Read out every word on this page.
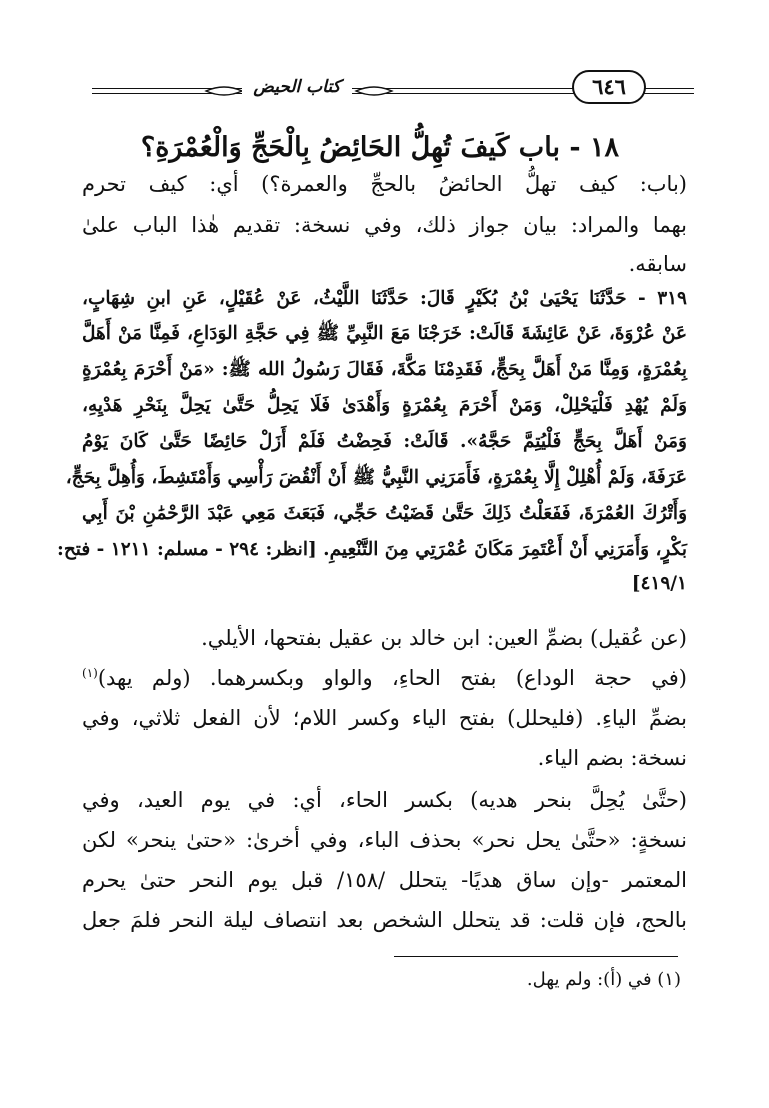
كتاب الحيض	٦٤٦
١٨ - باب كَيفَ تُهِلُّ الحَائِضُ بِالْحَجِّ وَالْعُمْرَةِ؟
(باب: كيف تهلُّ الحائضُ بالحجِّ والعمرة؟) أي: كيف تحرم
بهما والمراد: بيان جواز ذلك، وفي نسخة: تقديم هٰذا الباب علىٰ
سابقه.
٣١٩ - حَدَّثَنَا يَحْيَىٰ بْنُ بُكَيْرٍ قَالَ: حَدَّثَنَا اللَّيْثُ، عَنْ عُقَيْلٍ، عَنِ ابنِ شِهَابٍ،
عَنْ عُرْوَةَ، عَنْ عَائِشَةَ قَالَتْ: خَرَجْنَا مَعَ النَّبِيِّ ﷺ فِي حَجَّةِ الوَدَاعِ، فَمِنَّا مَنْ أَهَلَّ
بِعُمْرَةٍ، وَمِنَّا مَنْ أَهَلَّ بِحَجٍّ، فَقَدِمْنَا مَكَّةَ، فَقَالَ رَسُولُ الله ﷺ: «مَنْ أَحْرَمَ بِعُمْرَةٍ
وَلَمْ يُهْدِ فَلْيَحْلِلْ، وَمَنْ أَحْرَمَ بِعُمْرَةٍ وَأَهْدَىٰ فَلَا يَحِلُّ حَتَّىٰ يَحِلَّ بِنَحْرِ هَدْيِهِ،
وَمَنْ أَهَلَّ بِحَجٍّ فَلْيُتِمَّ حَجَّهُ». قَالَتْ: فَحِضْتُ فَلَمْ أَزَلْ حَائِضًا حَتَّىٰ كَانَ يَوْمُ
عَرَفَةَ، وَلَمْ أُهْلِلْ إِلَّا بِعُمْرَةٍ، فَأَمَرَنِي النَّبِيُّ ﷺ أَنْ أَنْقُضَ رَأْسِي وَأَمْتَشِطَ، وَأُهِلَّ بِحَجٍّ،
وَأَتْرُكَ العُمْرَةَ، فَفَعَلْتُ ذَلِكَ حَتَّىٰ قَضَيْتُ حَجِّي، فَبَعَثَ مَعِي عَبْدَ الرَّحْمَٰنِ بْنَ أَبِي
بَكْرٍ، وَأَمَرَنِي أَنْ أَعْتَمِرَ مَكَانَ عُمْرَتِي مِنَ التَّنْعِيمِ. [انظر: ٢٩٤ - مسلم: ١٢١١ - فتح:
٤١٩/١]
(عن عُقيل) بضمِّ العين: ابن خالد بن عقيل بفتحها، الأيلي.
(في حجة الوداع) بفتح الحاءِ، والواو وبكسرهما. (ولم يهد)$^{(١)}$
بضمِّ الياءِ. (فليحلل) بفتح الياء وكسر اللام؛ لأن الفعل ثلاثي، وفي
نسخة: بضم الياء.
(حتَّىٰ يُحِلَّ بنحر هديه) بكسر الحاء، أي: في يوم العيد، وفي
نسخةٍ: «حتَّىٰ يحل نحر» بحذف الباء، وفي أخرىٰ: «حتىٰ ينحر» لكن
المعتمر -وإن ساق هديًا- يتحلل /١٥٨/ قبل يوم النحر حتىٰ يحرم
بالحج، فإن قلت: قد يتحلل الشخص بعد انتصاف ليلة النحر فلمَ جعل
(١) في (أ): ولم يهل.
